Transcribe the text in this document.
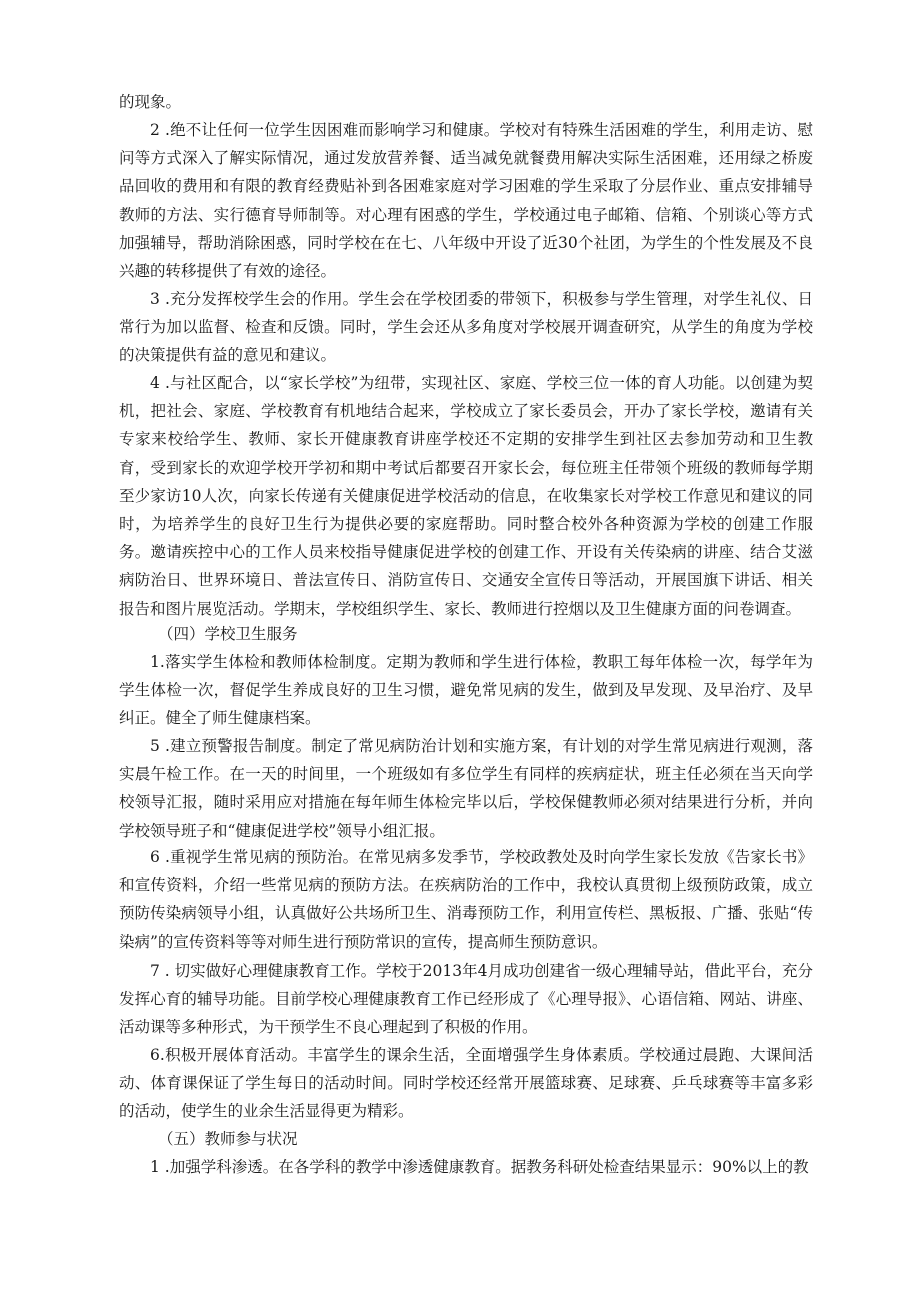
的现象。

2 .绝不让任何一位学生因困难而影响学习和健康。学校对有特殊生活困难的学生，利用走访、慰问等方式深入了解实际情况，通过发放营养餐、适当减免就餐费用解决实际生活困难，还用绿之桥废品回收的费用和有限的教育经费贴补到各困难家庭对学习困难的学生采取了分层作业、重点安排辅导教师的方法、实行德育导师制等。对心理有困惑的学生，学校通过电子邮箱、信箱、个别谈心等方式加强辅导，帮助消除困惑，同时学校在在七、八年级中开设了近30个社团，为学生的个性发展及不良兴趣的转移提供了有效的途径。

3 .充分发挥校学生会的作用。学生会在学校团委的带领下，积极参与学生管理，对学生礼仪、日常行为加以监督、检查和反馈。同时，学生会还从多角度对学校展开调查研究，从学生的角度为学校的决策提供有益的意见和建议。

4 .与社区配合，以“家长学校”为纽带，实现社区、家庭、学校三位一体的育人功能。以创建为契机，把社会、家庭、学校教育有机地结合起来，学校成立了家长委员会，开办了家长学校，邀请有关专家来校给学生、教师、家长开健康教育讲座学校还不定期的安排学生到社区去参加劳动和卫生教育，受到家长的欢迎学校开学初和期中考试后都要召开家长会，每位班主任带领个班级的教师每学期至少家访10人次，向家长传递有关健康促进学校活动的信息，在收集家长对学校工作意见和建议的同时，为培养学生的良好卫生行为提供必要的家庭帮助。同时整合校外各种资源为学校的创建工作服务。邀请疾控中心的工作人员来校指导健康促进学校的创建工作、开设有关传染病的讲座、结合艾滋病防治日、世界环境日、普法宣传日、消防宣传日、交通安全宣传日等活动，开展国旗下讲话、相关报告和图片展览活动。学期末，学校组织学生、家长、教师进行控烟以及卫生健康方面的问卷调查。

（四）学校卫生服务

1.落实学生体检和教师体检制度。定期为教师和学生进行体检，教职工每年体检一次，每学年为学生体检一次，督促学生养成良好的卫生习惯，避免常见病的发生，做到及早发现、及早治疗、及早纠正。健全了师生健康档案。

5 .建立预警报告制度。制定了常见病防治计划和实施方案，有计划的对学生常见病进行观测，落实晨午检工作。在一天的时间里，一个班级如有多位学生有同样的疾病症状，班主任必须在当天向学校领导汇报，随时采用应对措施在每年师生体检完毕以后，学校保健教师必须对结果进行分析，并向学校领导班子和“健康促进学校”领导小组汇报。

6 .重视学生常见病的预防治。在常见病多发季节，学校政教处及时向学生家长发放《告家长书》和宣传资料，介绍一些常见病的预防方法。在疾病防治的工作中，我校认真贯彻上级预防政策，成立预防传染病领导小组，认真做好公共场所卫生、消毒预防工作，利用宣传栏、黑板报、广播、张贴“传染病”的宣传资料等等对师生进行预防常识的宣传，提高师生预防意识。

7 . 切实做好心理健康教育工作。学校于2013年4月成功创建省一级心理辅导站，借此平台，充分发挥心育的辅导功能。目前学校心理健康教育工作已经形成了《心理导报》、心语信箱、网站、讲座、活动课等多种形式，为干预学生不良心理起到了积极的作用。

6.积极开展体育活动。丰富学生的课余生活，全面增强学生身体素质。学校通过晨跑、大课间活动、体育课保证了学生每日的活动时间。同时学校还经常开展篮球赛、足球赛、乒乓球赛等丰富多彩的活动，使学生的业余生活显得更为精彩。

（五）教师参与状况

1 .加强学科渗透。在各学科的教学中渗透健康教育。据教务科研处检查结果显示：90%以上的教
